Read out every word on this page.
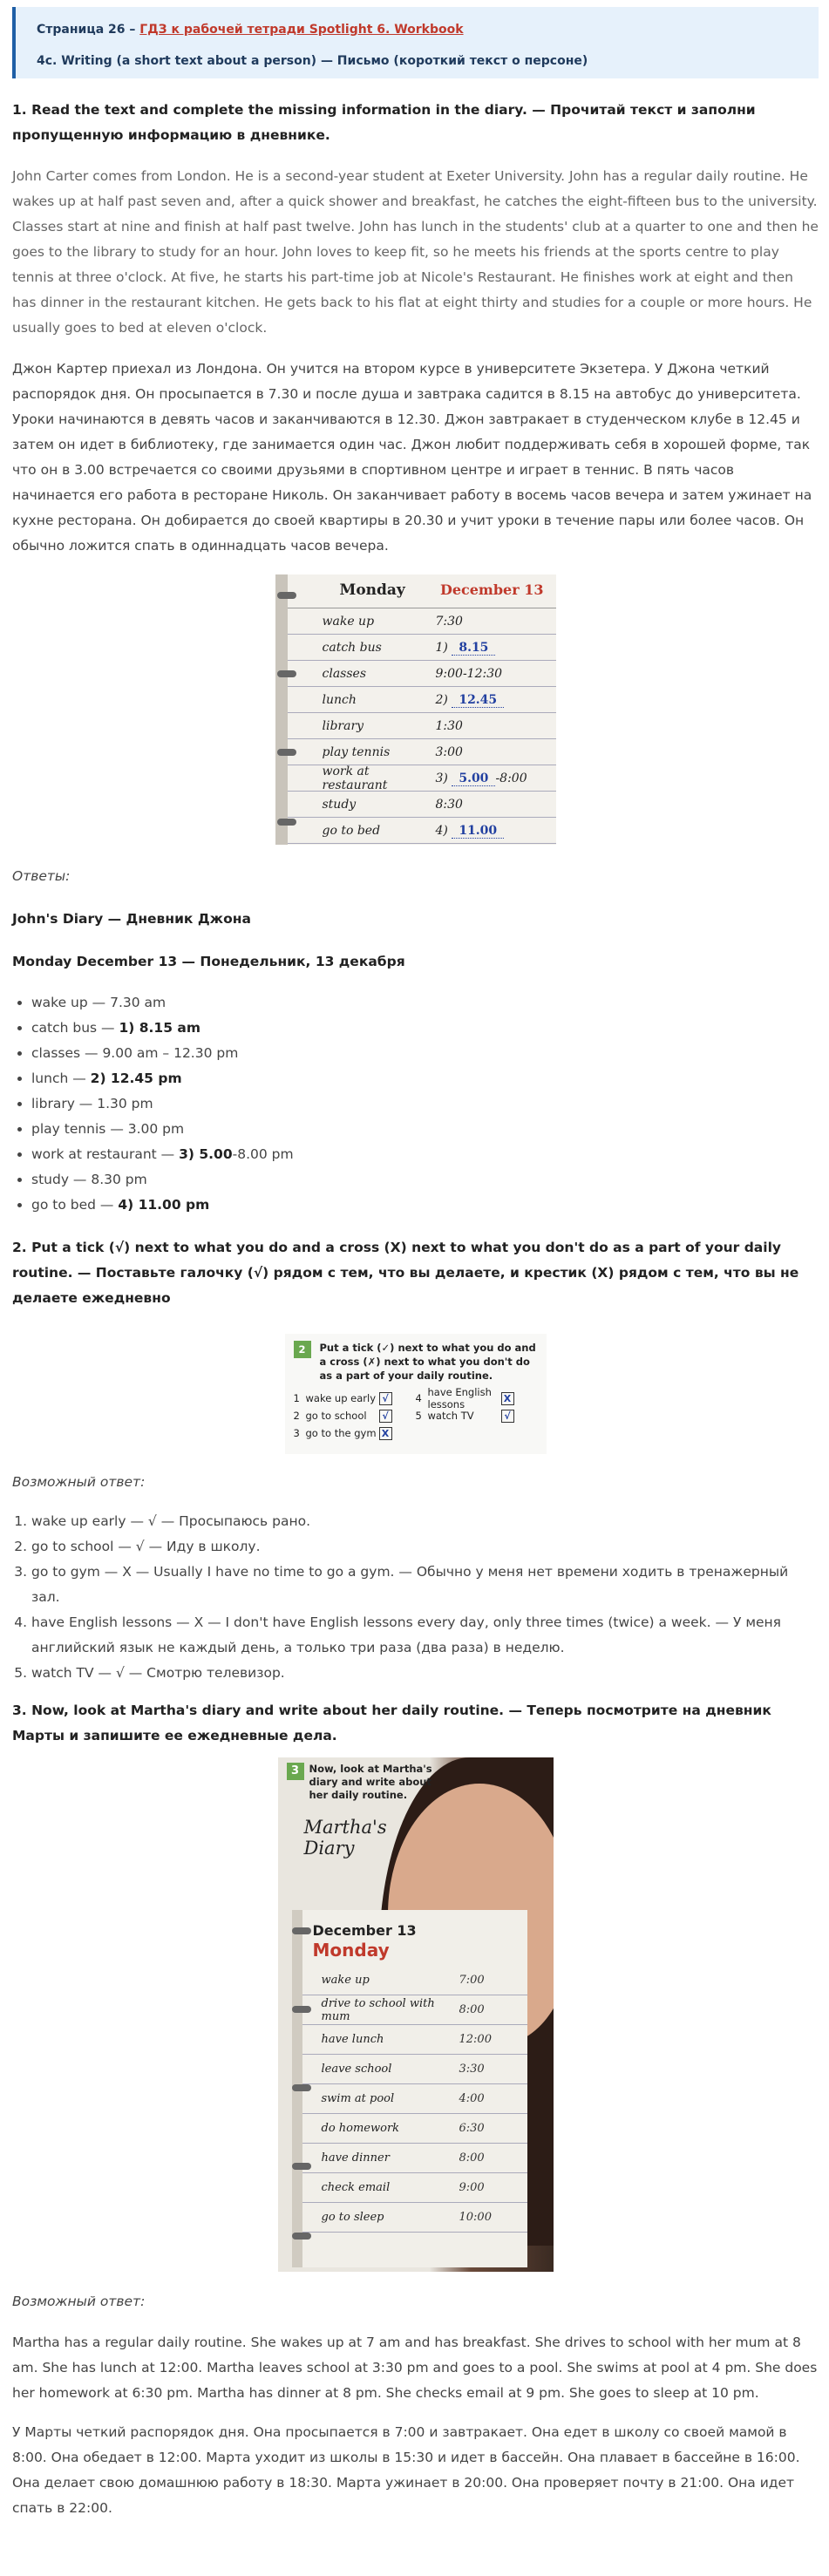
Страница 26 – ГДЗ к рабочей тетради Spotlight 6. Workbook
4c. Writing (a short text about a person) — Письмо (короткий текст о персоне)

1. Read the text and complete the missing information in the diary. — Прочитай текст и заполни пропущенную информацию в дневнике.

John Carter comes from London. He is a second-year student at Exeter University. John has a regular daily routine. He wakes up at half past seven and, after a quick shower and breakfast, he catches the eight-fifteen bus to the university. Classes start at nine and finish at half past twelve. John has lunch in the students' club at a quarter to one and then he goes to the library to study for an hour. John loves to keep fit, so he meets his friends at the sports centre to play tennis at three o'clock. At five, he starts his part-time job at Nicole's Restaurant. He finishes work at eight and then has dinner in the restaurant kitchen. He gets back to his flat at eight thirty and studies for a couple or more hours. He usually goes to bed at eleven o'clock.

Джон Картер приехал из Лондона. Он учится на втором курсе в университете Экзетера. У Джона четкий распорядок дня. Он просыпается в 7.30 и после душа и завтрака садится в 8.15 на автобус до университета. Уроки начинаются в девять часов и заканчиваются в 12.30. Джон завтракает в студенческом клубе в 12.45 и затем он идет в библиотеку, где занимается один час. Джон любит поддерживать себя в хорошей форме, так что он в 3.00 встречается со своими друзьями в спортивном центре и играет в теннис. В пять часов начинается его работа в ресторане Николь. Он заканчивает работу в восемь часов вечера и затем ужинает на кухне ресторана. Он добирается до своей квартиры в 20.30 и учит уроки в течение пары или более часов. Он обычно ложится спать в одиннадцать часов вечера.

Monday	December 13
wake up	7:30
catch bus	1) 8.15
classes	9:00-12:30
lunch	2) 12.45
library	1:30
play tennis	3:00
work at restaurant	3) 5.00 -8:00
study	8:30
go to bed	4) 11.00

Ответы:

John's Diary — Дневник Джона

Monday December 13 — Понедельник, 13 декабря

• wake up — 7.30 am
• catch bus — 1) 8.15 am
• classes — 9.00 am – 12.30 pm
• lunch — 2) 12.45 pm
• library — 1.30 pm
• play tennis — 3.00 pm
• work at restaurant — 3) 5.00-8.00 pm
• study — 8.30 pm
• go to bed — 4) 11.00 pm

2. Put a tick (√) next to what you do and a cross (X) next to what you don't do as a part of your daily routine. — Поставьте галочку (√) рядом с тем, что вы делаете, и крестик (Х) рядом с тем, что вы не делаете ежедневно

2	Put a tick (✓) next to what you do and a cross (✗) next to what you don't do as a part of your daily routine.
1 wake up early √
2 go to school	√
3 go to the gym X
4 have English lessons	X
5 watch TV	√

Возможный ответ:

1. wake up early — √ — Просыпаюсь рано.
2. go to school — √ — Иду в школу.
3. go to gym — X — Usually I have no time to go a gym. — Обычно у меня нет времени ходить в тренажерный зал.
4. have English lessons — X — I don't have English lessons every day, only three times (twice) a week. — У меня английский язык не каждый день, а только три раза (два раза) в неделю.
5. watch TV — √ — Смотрю телевизор.

3. Now, look at Martha's diary and write about her daily routine. — Теперь посмотрите на дневник Марты и запишите ее ежедневные дела.

3 Now, look at Martha's diary and write about her daily routine.
Martha's Diary
December 13
Monday
wake up	7:00
drive to school with mum	8:00
have lunch	12:00
leave school	3:30
swim at pool	4:00
do homework	6:30
have dinner	8:00
check email	9:00
go to sleep	10:00

Возможный ответ:

Martha has a regular daily routine. She wakes up at 7 am and has breakfast. She drives to school with her mum at 8 am. She has lunch at 12:00. Martha leaves school at 3:30 pm and goes to a pool. She swims at pool at 4 pm. She does her homework at 6:30 pm. Martha has dinner at 8 pm. She checks email at 9 pm. She goes to sleep at 10 pm.

У Марты четкий распорядок дня. Она просыпается в 7:00 и завтракает. Она едет в школу со своей мамой в 8:00. Она обедает в 12:00. Марта уходит из школы в 15:30 и идет в бассейн. Она плавает в бассейне в 16:00. Она делает свою домашнюю работу в 18:30. Марта ужинает в 20:00. Она проверяет почту в 21:00. Она идет спать в 22:00.
